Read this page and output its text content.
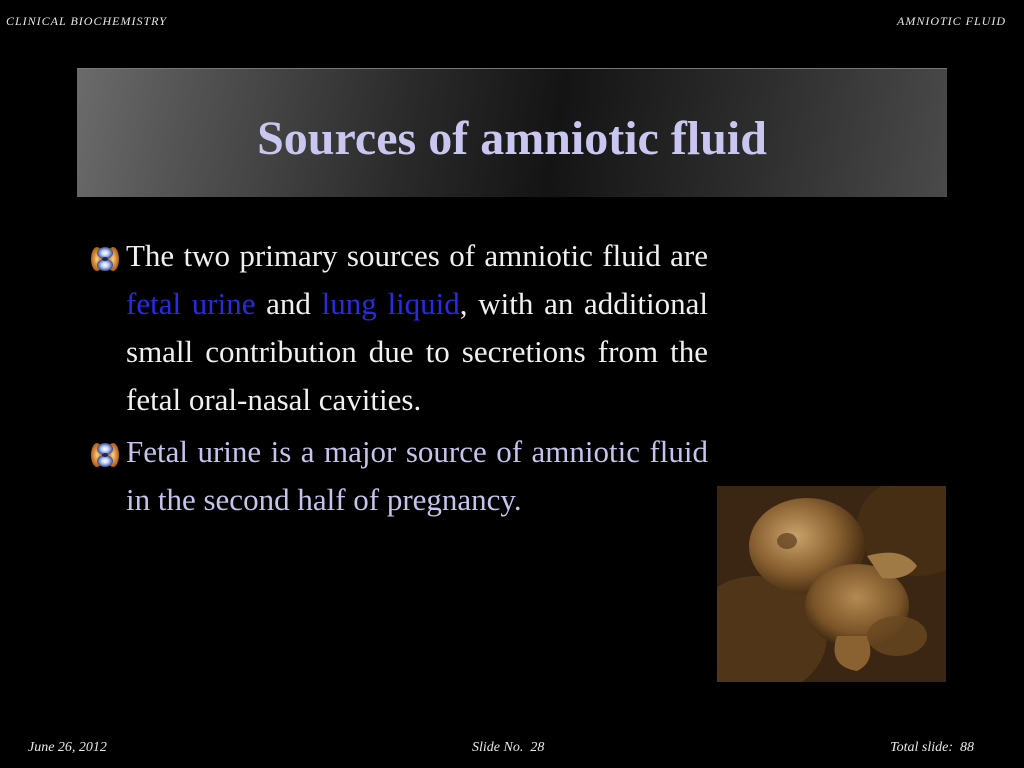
CLINICAL BIOCHEMISTRY	AMNIOTIC FLUID
Sources of amniotic fluid
The two primary sources of amniotic fluid are fetal urine and lung liquid, with an additional small contribution due to secretions from the fetal oral-nasal cavities.
Fetal urine is a major source of amniotic fluid in the second half of pregnancy.
June 26, 2012	Slide No. 28	Total slide: 88
